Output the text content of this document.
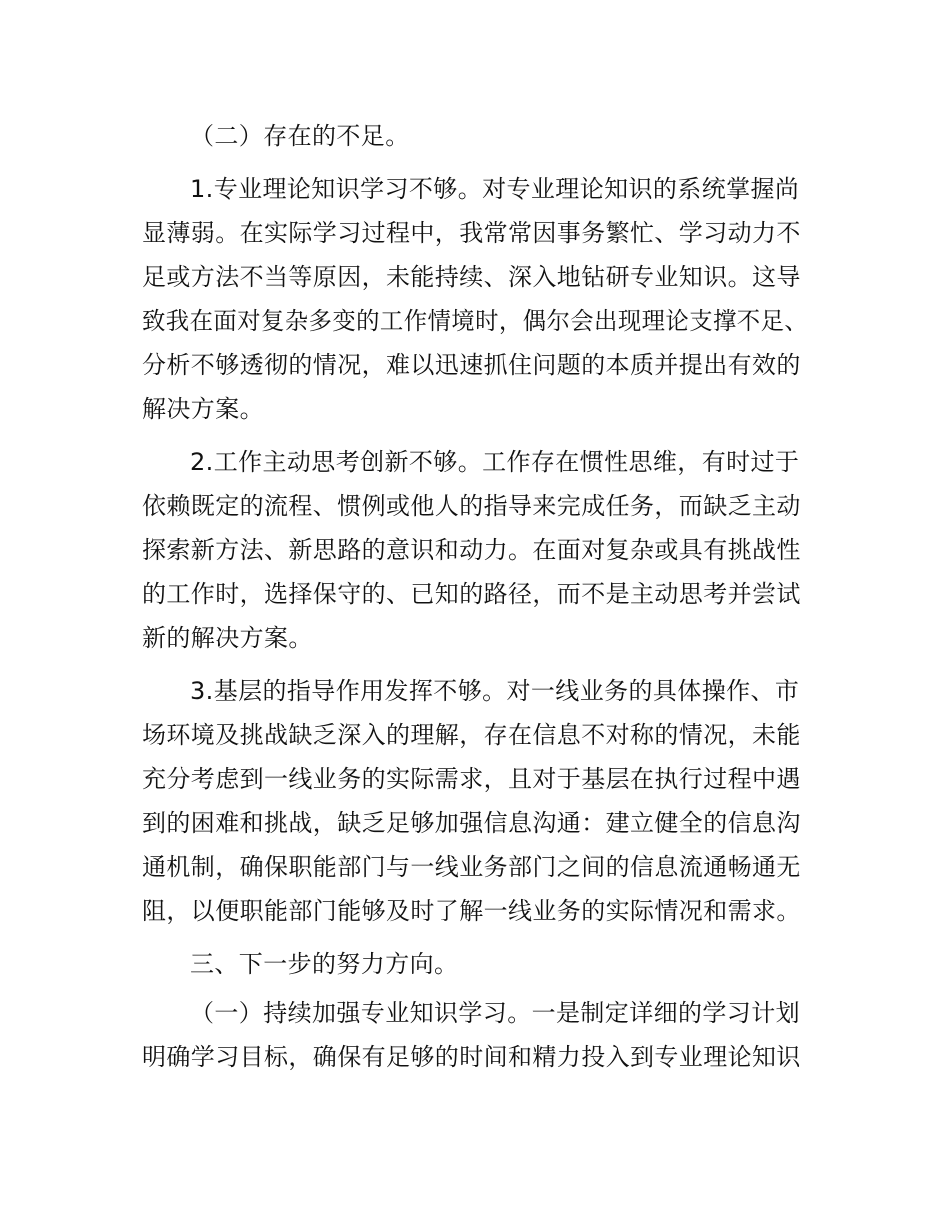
（二）存在的不足。
1.专业理论知识学习不够。对专业理论知识的系统掌握尚
显薄弱。在实际学习过程中，我常常因事务繁忙、学习动力不
足或方法不当等原因，未能持续、深入地钻研专业知识。这导
致我在面对复杂多变的工作情境时，偶尔会出现理论支撑不足、
分析不够透彻的情况，难以迅速抓住问题的本质并提出有效的
解决方案。
2.工作主动思考创新不够。工作存在惯性思维，有时过于
依赖既定的流程、惯例或他人的指导来完成任务，而缺乏主动
探索新方法、新思路的意识和动力。在面对复杂或具有挑战性
的工作时，选择保守的、已知的路径，而不是主动思考并尝试
新的解决方案。
3.基层的指导作用发挥不够。对一线业务的具体操作、市
场环境及挑战缺乏深入的理解，存在信息不对称的情况，未能
充分考虑到一线业务的实际需求，且对于基层在执行过程中遇
到的困难和挑战，缺乏足够加强信息沟通：建立健全的信息沟
通机制，确保职能部门与一线业务部门之间的信息流通畅通无
阻，以便职能部门能够及时了解一线业务的实际情况和需求。
三、下一步的努力方向。
（一）持续加强专业知识学习。一是制定详细的学习计划
明确学习目标，确保有足够的时间和精力投入到专业理论知识
